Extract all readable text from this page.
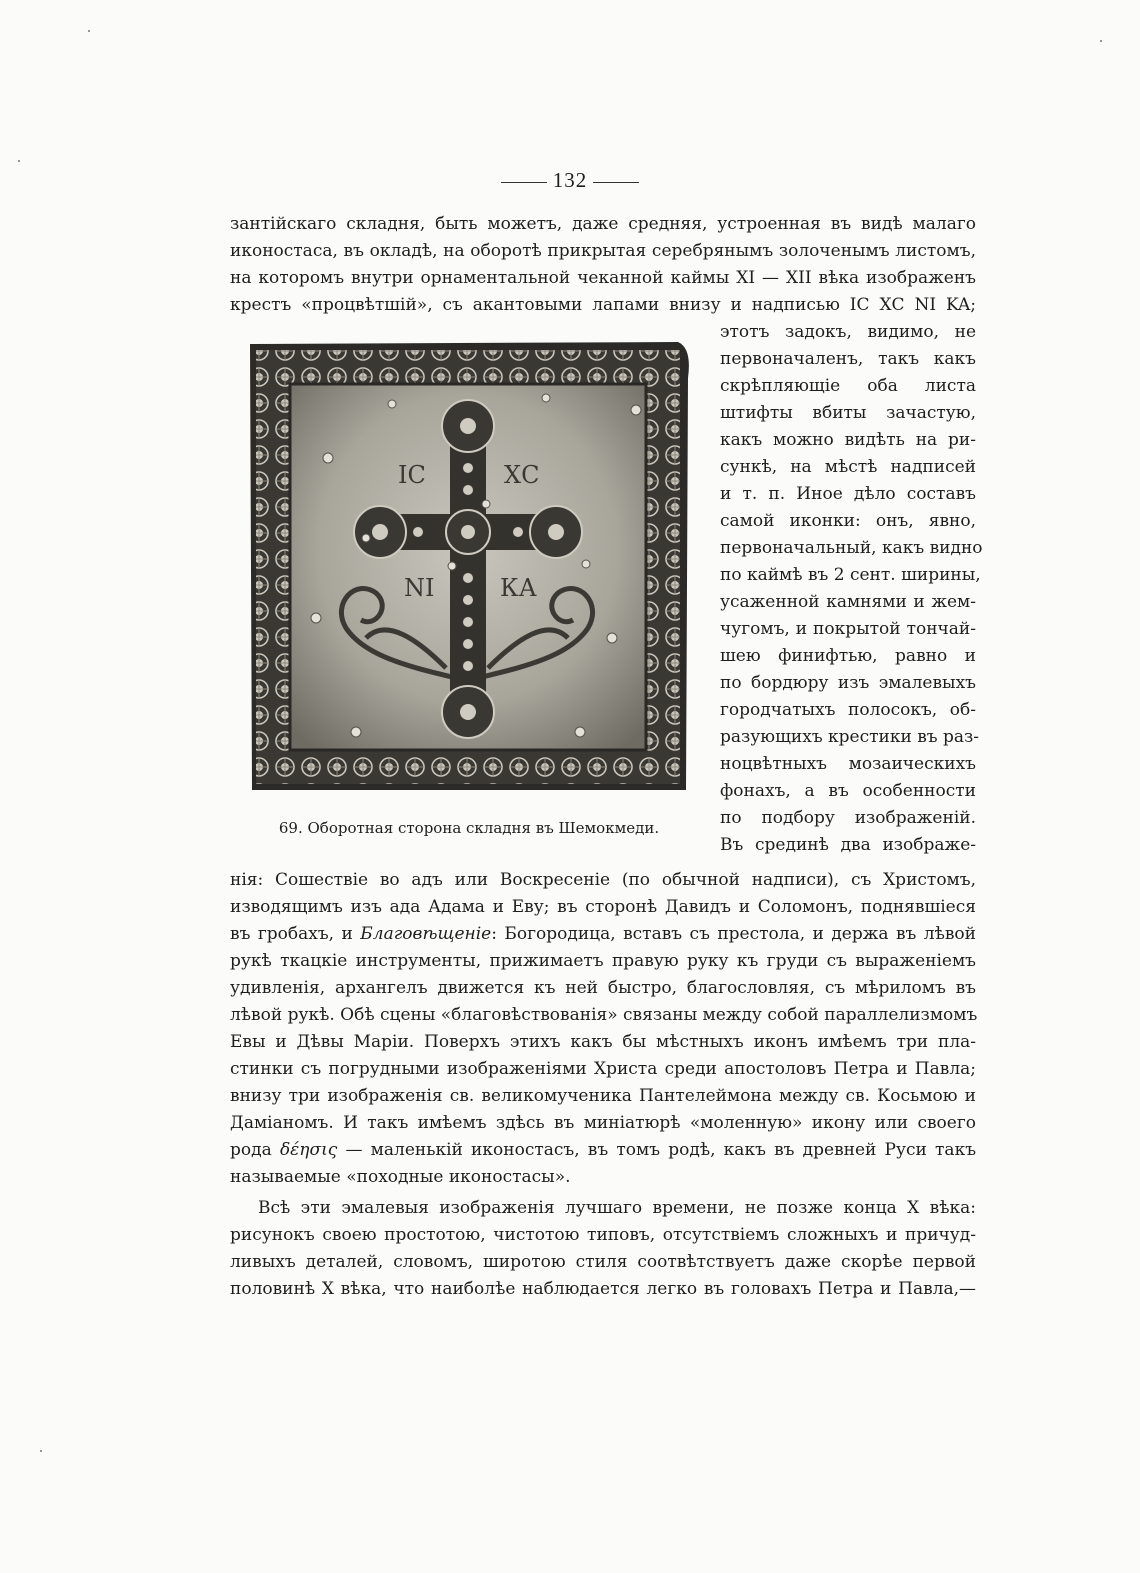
132
зантійскаго складня, быть можетъ, даже средняя, устроенная въ видѣ малаго
иконостаса, въ окладѣ, на оборотѣ прикрытая серебрянымъ золоченымъ листомъ,
на которомъ внутри орнаментальной чеканной каймы XI — XII вѣка изображенъ
крестъ «процвѣтшій», съ акантовыми лапами внизу и надписью ІС ХС NI KA;
этотъ задокъ, видимо, не
первоначаленъ, такъ какъ
скрѣпляющіе оба листа
штифты вбиты зачастую,
какъ можно видѣть на ри-
сункѣ, на мѣстѣ надписей
и т. п. Иное дѣло составъ
самой иконки: онъ, явно,
первоначальный, какъ видно
по каймѣ въ 2 сент. ширины,
усаженной камнями и жем-
чугомъ, и покрытой тончай-
шею финифтью, равно и
по бордюру изъ эмалевыхъ
городчатыхъ полосокъ, об-
разующихъ крестики въ раз-
ноцвѣтныхъ мозаическихъ
фонахъ, а въ особенности
по подбору изображеній.
Въ срединѣ два изображе-
ІС	ХС
NI	КА
69. Оборотная сторона складня въ Шемокмеди.
нія: Сошествіе во адъ или Воскресеніе (по обычной надписи), съ Христомъ,
изводящимъ изъ ада Адама и Еву; въ сторонѣ Давидъ и Соломонъ, поднявшіеся
въ гробахъ, и Благовѣщеніе: Богородица, вставъ съ престола, и держа въ лѣвой
рукѣ ткацкіе инструменты, прижимаетъ правую руку къ груди съ выраженіемъ
удивленія, архангелъ движется къ ней быстро, благословляя, съ мѣриломъ въ
лѣвой рукѣ. Обѣ сцены «благовѣствованія» связаны между собой параллелизмомъ
Евы и Дѣвы Маріи. Поверхъ этихъ какъ бы мѣстныхъ иконъ имѣемъ три пла-
стинки съ погрудными изображеніями Христа среди апостоловъ Петра и Павла;
внизу три изображенія св. великомученика Пантелеймона между св. Косьмою и
Даміаномъ. И такъ имѣемъ здѣсь въ миніатюрѣ «моленную» икону или своего
рода δέησις — маленькій иконостасъ, въ томъ родѣ, какъ въ древней Руси такъ
называемые «походные иконостасы».
Всѣ эти эмалевыя изображенія лучшаго времени, не позже конца X вѣка:
рисунокъ своею простотою, чистотою типовъ, отсутствіемъ сложныхъ и причуд-
ливыхъ деталей, словомъ, широтою стиля соотвѣтствуетъ даже скорѣе первой
половинѣ X вѣка, что наиболѣе наблюдается легко въ головахъ Петра и Павла,—
